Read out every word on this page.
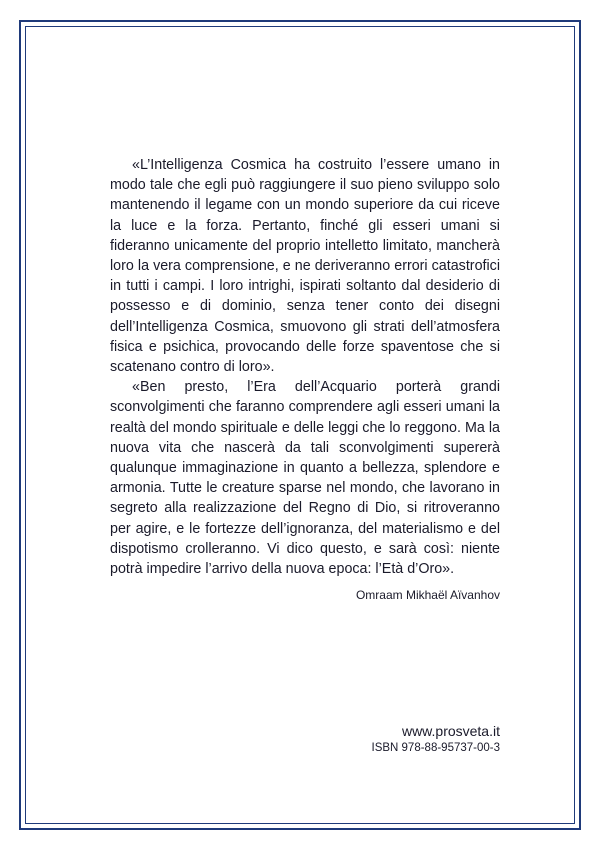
«L’Intelligenza Cosmica ha costruito l’essere umano in modo tale che egli può raggiungere il suo pieno sviluppo solo mantenendo il legame con un mondo superiore da cui riceve la luce e la forza. Pertanto, finché gli esseri umani si fideranno unicamente del proprio intelletto limitato, mancherà loro la vera comprensione, e ne deriveranno errori catastrofici in tutti i campi. I loro intrighi, ispirati soltanto dal desiderio di possesso e di dominio, senza tener conto dei disegni dell’Intelligenza Cosmica, smuovono gli strati dell’atmosfera fisica e psichica, provocando delle forze spaventose che si scatenano contro di loro».

«Ben presto, l’Era dell’Acquario porterà grandi sconvolgimenti che faranno comprendere agli esseri umani la realtà del mondo spirituale e delle leggi che lo reggono. Ma la nuova vita che nascerà da tali sconvolgimenti supererà qualunque immaginazione in quanto a bellezza, splendore e armonia. Tutte le creature sparse nel mondo, che lavorano in segreto alla realizzazione del Regno di Dio, si ritroveranno per agire, e le fortezze dell’ignoranza, del materialismo e del dispotismo crolleranno. Vi dico questo, e sarà così: niente potrà impedire l’arrivo della nuova epoca: l’Età d’Oro».

Omraam Mikhaël Aïvanhov
www.prosveta.it
ISBN 978-88-95737-00-3
